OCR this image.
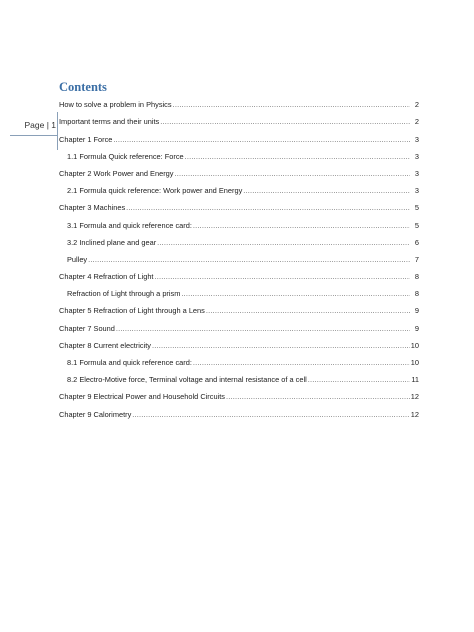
Page | 1
Contents
How to solve a problem in Physics .....	2
Important terms and their units .....	2
Chapter 1 Force .....	3
1.1 Formula Quick reference: Force .....	3
Chapter 2 Work Power and Energy .....	3
2.1 Formula quick reference: Work power and Energy .....	3
Chapter 3 Machines .....	5
3.1 Formula and quick reference card: .....	5
3.2 Inclined plane and gear .....	6
Pulley .....	7
Chapter 4 Refraction of Light .....	8
Refraction of Light through a prism .....	8
Chapter 5 Refraction of Light through a Lens .....	9
Chapter 7 Sound .....	9
Chapter 8 Current electricity .....	10
8.1 Formula and quick reference card: .....	10
8.2 Electro-Motive force, Terminal voltage and internal resistance of a cell .....	11
Chapter 9 Electrical Power and Household Circuits .....	12
Chapter 9 Calorimetry .....	12
